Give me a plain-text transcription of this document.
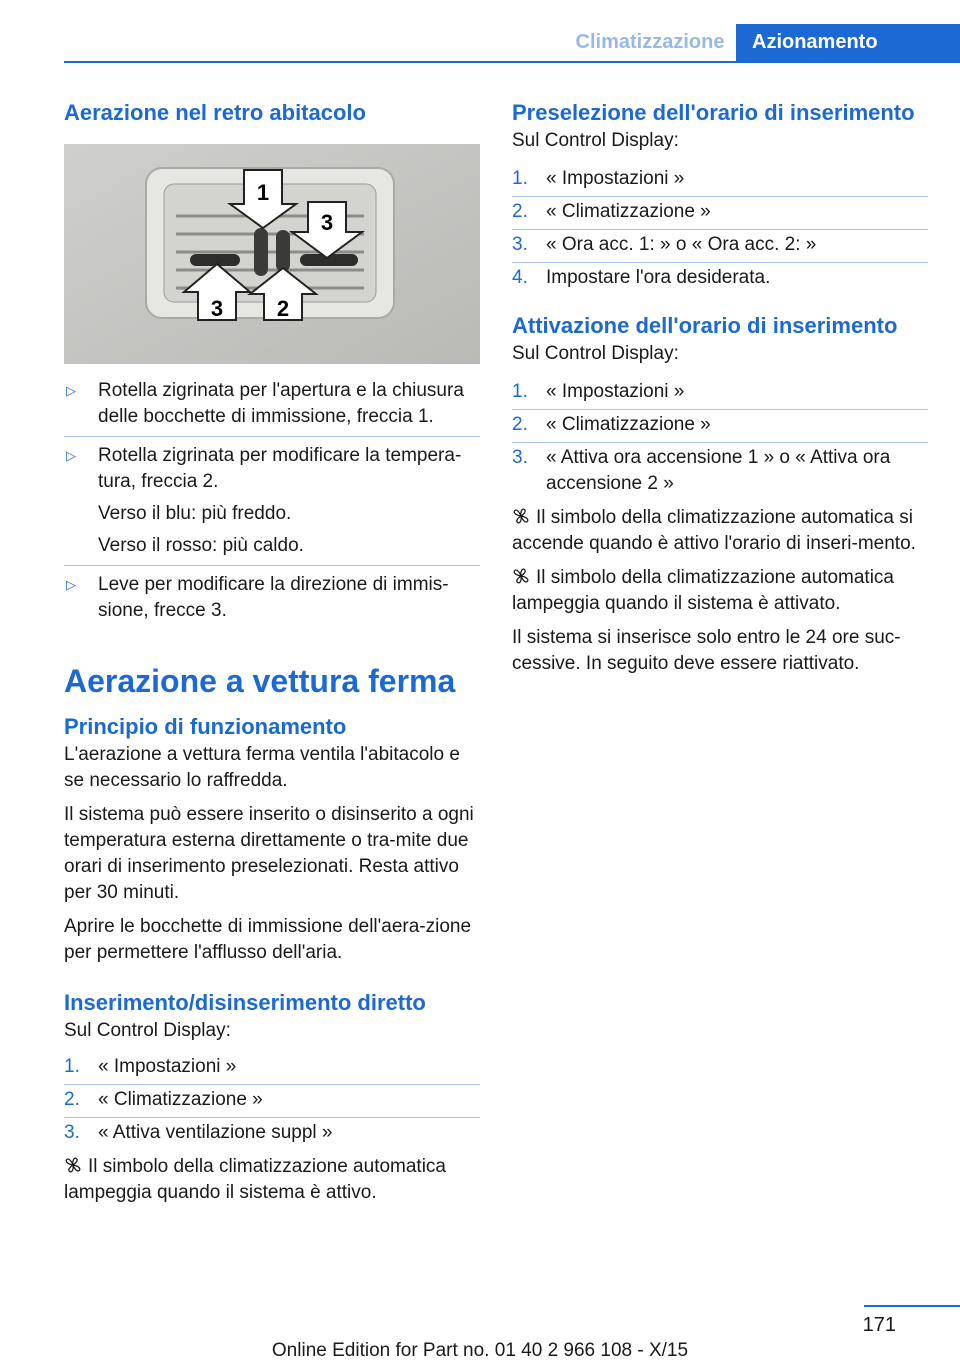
Climatizzazione	Azionamento
Aerazione nel retro abitacolo
1
2
3
3
▷ Rotella zigrinata per l'apertura e la chiusura delle bocchette di immissione, freccia 1.
▷ Rotella zigrinata per modificare la tempera‐tura, freccia 2.
Verso il blu: più freddo.
Verso il rosso: più caldo.
▷ Leve per modificare la direzione di immis‐sione, frecce 3.
Aerazione a vettura ferma
Principio di funzionamento

L'aerazione a vettura ferma ventila l'abitacolo e se necessario lo raffredda.

Il sistema può essere inserito o disinserito a ogni temperatura esterna direttamente o tra‐mite due orari di inserimento preselezionati. Resta attivo per 30 minuti.

Aprire le bocchette di immissione dell'aera‐zione per permettere l'afflusso dell'aria.

Inserimento/disinserimento diretto

Sul Control Display:

1. « Impostazioni »
2. « Climatizzazione »
3. « Attiva ventilazione suppl »

Il simbolo della climatizzazione automatica lampeggia quando il sistema è attivo.

Preselezione dell'orario di inserimento

Sul Control Display:

1. « Impostazioni »
2. « Climatizzazione »
3. « Ora acc. 1: » o « Ora acc. 2: »
4. Impostare l'ora desiderata.
Attivazione dell'orario di inserimento

Sul Control Display:

1. « Impostazioni »
2. « Climatizzazione »
3. « Attiva ora accensione 1 » o « Attiva ora accensione 2 »

Il simbolo della climatizzazione automatica si accende quando è attivo l'orario di inseri‐mento.

Il simbolo della climatizzazione automatica lampeggia quando il sistema è attivato.

Il sistema si inserisce solo entro le 24 ore suc‐cessive. In seguito deve essere riattivato.

171
Online Edition for Part no. 01 40 2 966 108 - X/15
